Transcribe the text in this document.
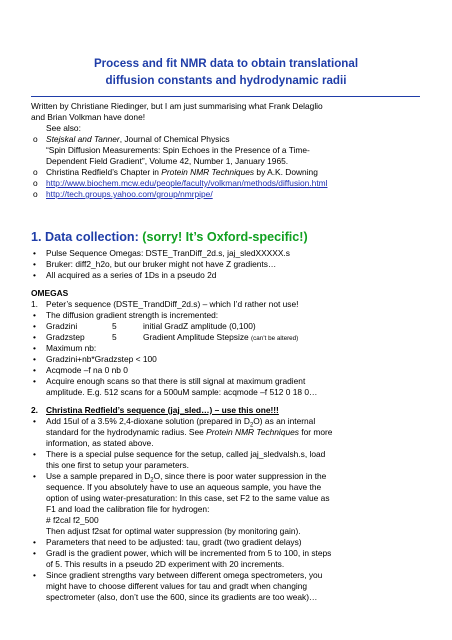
Process and fit NMR data to obtain translational
diffusion constants and hydrodynamic radii
Written by Christiane Riedinger, but I am just summarising what Frank Delaglio
and Brian Volkman have done!
See also:
o Stejskal and Tanner, Journal of Chemical Physics
“Spin Diffusion Measurements: Spin Echoes in the Presence of a Time-
Dependent Field Gradient”, Volume 42, Number 1, January 1965.
o Christina Redfield’s Chapter in Protein NMR Techniques by A.K. Downing
o http://www.biochem.mcw.edu/people/faculty/volkman/methods/diffusion.html
o http://tech.groups.yahoo.com/group/nmrpipe/
1. Data collection: (sorry! It’s Oxford-specific!)
• Pulse Sequence Omegas: DSTE_TranDiff_2d.s, jaj_sledXXXXX.s
• Bruker: diff2_h2o, but our bruker might not have Z gradients…
• All acquired as a series of 1Ds in a pseudo 2d
OMEGAS
1. Peter’s sequence (DSTE_TrandDiff_2d.s) – which I’d rather not use!
• The diffusion gradient strength is incremented:
• Gradzini	5	initial GradZ amplitude (0,100)
• Gradzstep	5	Gradient Amplitude Stepsize (can’t be altered)
• Maximum nb:
• Gradzini+nb*Gradzstep < 100
• Acqmode –f na 0 nb 0
• Acquire enough scans so that there is still signal at maximum gradient
amplitude. E.g. 512 scans for a 500uM sample: acqmode –f 512 0 18 0…
2. Christina Redfield’s sequence (jaj_sled…) – use this one!!!
• Add 15ul of a 3.5% 2,4-dioxane solution (prepared in $D_2O$) as an internal
standard for the hydrodynamic radius. See Protein NMR Techniques for more
information, as stated above.
• There is a special pulse sequence for the setup, called jaj_sledvalsh.s, load
this one first to setup your parameters.
• Use a sample prepared in $D_2O$, since there is poor water suppression in the
sequence. If you absolutely have to use an aqueous sample, you have the
option of using water-presaturation: In this case, set F2 to the same value as
F1 and load the calibration file for hydrogen:
# f2cal f2_500
Then adjust f2sat for optimal water suppression (by monitoring gain).
• Parameters that need to be adjusted: tau, gradt (two gradient delays)
• Gradl is the gradient power, which will be incremented from 5 to 100, in steps
of 5. This results in a pseudo 2D experiment with 20 increments.
• Since gradient strengths vary between different omega spectrometers, you
might have to choose different values for tau and gradt when changing
spectrometer (also, don’t use the 600, since its gradients are too weak)…
